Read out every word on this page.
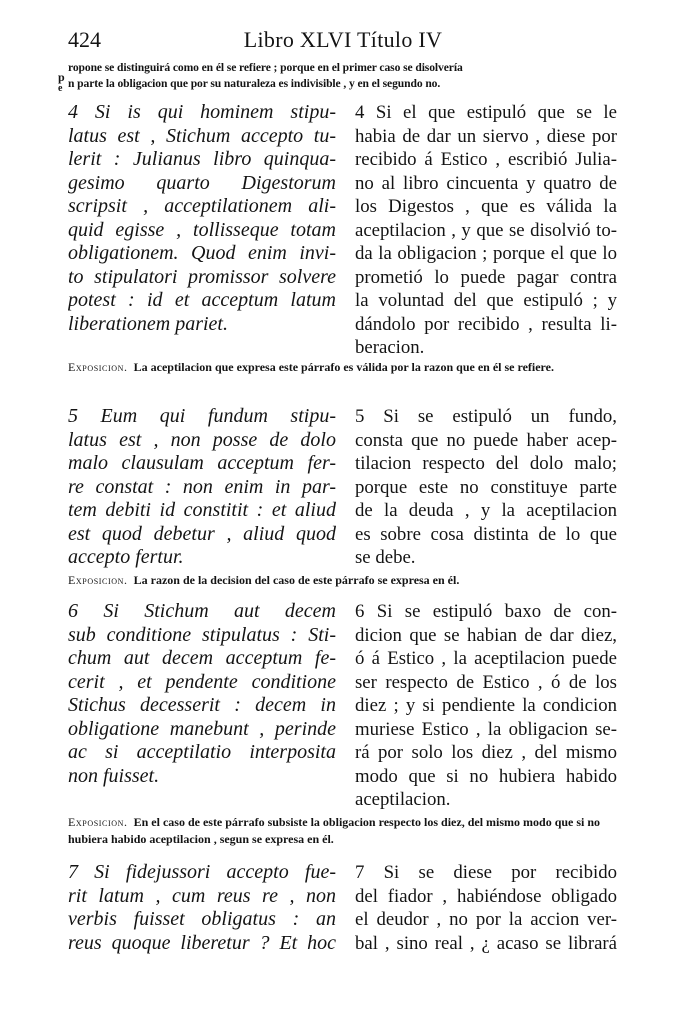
424	Libro XLVI Título IV
p
e
ropone se distinguirá como en él se refiere ; porque en el primer caso se disolvería
n parte la obligacion que por su naturaleza es indivisible , y en el segundo no.
4 Si is qui hominem stipu-
latus est , Stichum accepto tu-
lerit : Julianus libro quinqua-
gesimo quarto Digestorum
scripsit , acceptilationem ali-
quid egisse , tollisseque totam
obligationem. Quod enim invi-
to stipulatori promissor solvere
potest : id et acceptum latum
liberationem pariet.
4 Si el que estipuló que se le
habia de dar un siervo , diese por
recibido á Estico , escribió Julia-
no al libro cincuenta y quatro de
los Digestos , que es válida la
aceptilacion , y que se disolvió to-
da la obligacion ; porque el que lo
prometió lo puede pagar contra
la voluntad del que estipuló ; y
dándolo por recibido , resulta li-
beracion.
Exposicion. La aceptilacion que expresa este párrafo es válida por la razon que en él se refiere.
5 Eum qui fundum stipu-
latus est , non posse de dolo
malo clausulam acceptum fer-
re constat : non enim in par-
tem debiti id constitit : et aliud
est quod debetur , aliud quod
accepto fertur.
5 Si se estipuló un fundo,
consta que no puede haber acep-
tilacion respecto del dolo malo;
porque este no constituye parte
de la deuda , y la aceptilacion
es sobre cosa distinta de lo que
se debe.
Exposicion. La razon de la decision del caso de este párrafo se expresa en él.
6 Si Stichum aut decem
sub conditione stipulatus : Sti-
chum aut decem acceptum fe-
cerit , et pendente conditione
Stichus decesserit : decem in
obligatione manebunt , perinde
ac si acceptilatio interposita
non fuisset.
6 Si se estipuló baxo de con-
dicion que se habian de dar diez,
ó á Estico , la aceptilacion puede
ser respecto de Estico , ó de los
diez ; y si pendiente la condicion
muriese Estico , la obligacion se-
rá por solo los diez , del mismo
modo que si no hubiera habido
aceptilacion.
Exposicion. En el caso de este párrafo subsiste la obligacion respecto los diez, del mismo modo que si no hubiera habido aceptilacion , segun se expresa en él.
7 Si fidejussori accepto fue-
rit latum , cum reus re , non
verbis fuisset obligatus : an
reus quoque liberetur ? Et hoc
7 Si se diese por recibido
del fiador , habiéndose obligado
el deudor , no por la accion ver-
bal , sino real , ¿ acaso se librará
